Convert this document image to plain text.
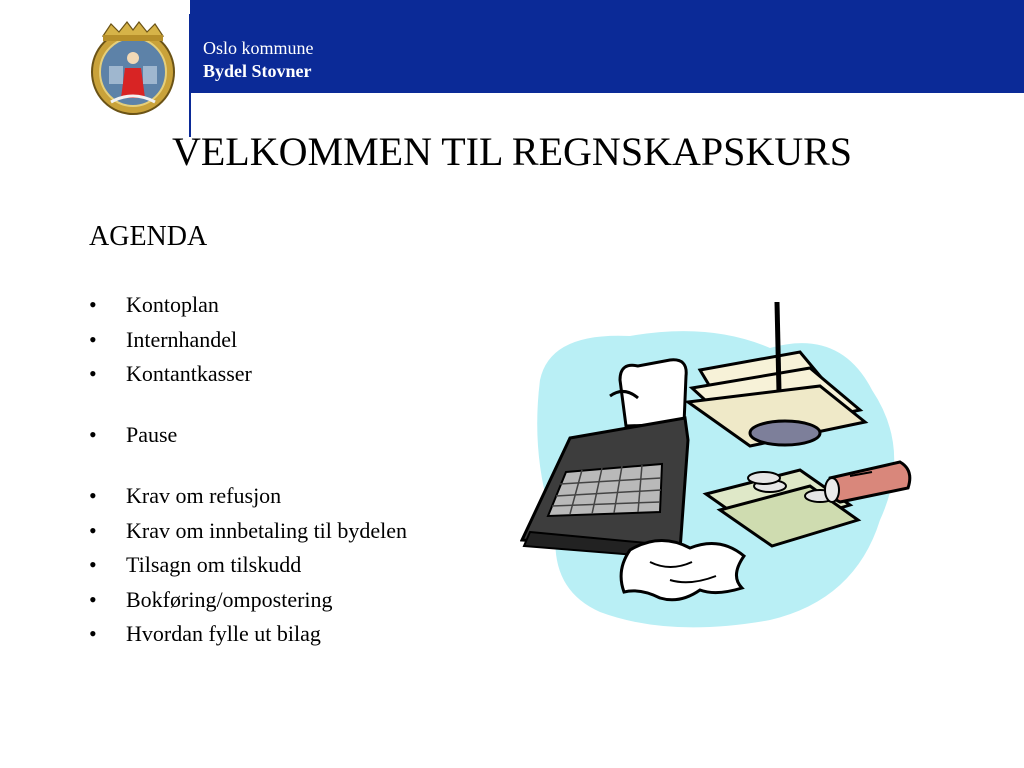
Oslo kommune
Bydel Stovner
VELKOMMEN TIL REGNSKAPSKURS
AGENDA
• Kontoplan
• Internhandel
• Kontantkasser
• Pause
• Krav om refusjon
• Krav om innbetaling til bydelen
• Tilsagn om tilskudd
• Bokføring/ompostering
• Hvordan fylle ut bilag
